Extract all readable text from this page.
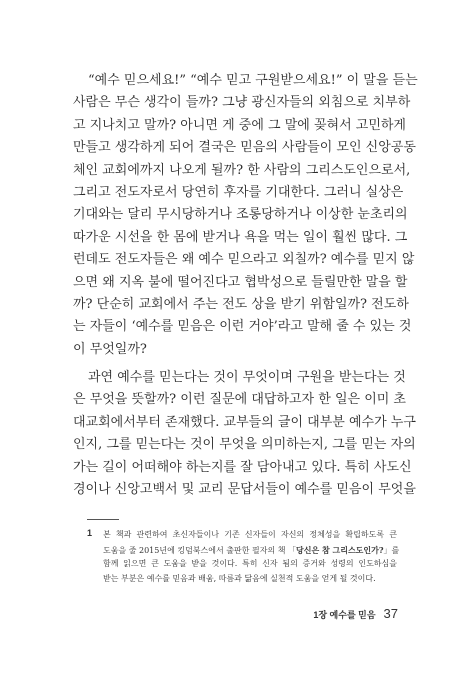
“예수 믿으세요!” “예수 믿고 구원받으세요!” 이 말을 듣는
사람은 무슨 생각이 들까? 그냥 광신자들의 외침으로 치부하
고 지나치고 말까? 아니면 게 중에 그 말에 꽂혀서 고민하게
만들고 생각하게 되어 결국은 믿음의 사람들이 모인 신앙공동
체인 교회에까지 나오게 될까? 한 사람의 그리스도인으로서,
그리고 전도자로서 당연히 후자를 기대한다. 그러니 실상은
기대와는 달리 무시당하거나 조롱당하거나 이상한 눈초리의
따가운 시선을 한 몸에 받거나 욕을 먹는 일이 훨씬 많다. 그
런데도 전도자들은 왜 예수 믿으라고 외칠까? 예수를 믿지 않
으면 왜 지옥 불에 떨어진다고 협박성으로 들릴만한 말을 할
까? 단순히 교회에서 주는 전도 상을 받기 위함일까? 전도하
는 자들이 ‘예수를 믿음은 이런 거야’라고 말해 줄 수 있는 것
이 무엇일까?
과연 예수를 믿는다는 것이 무엇이며 구원을 받는다는 것
은 무엇을 뜻할까? 이런 질문에 대답하고자 한 일은 이미 초
대교회에서부터 존재했다. 교부들의 글이 대부분 예수가 누구
인지, 그를 믿는다는 것이 무엇을 의미하는지, 그를 믿는 자의
가는 길이 어떠해야 하는지를 잘 담아내고 있다. 특히 사도신
경이나 신앙고백서 및 교리 문답서들이 예수를 믿음이 무엇을
1 본 책과 관련하여 초신자들이나 기존 신자들이 자신의 정체성을 확립하도록 큰
도움을 줄 2015년에 킹덤북스에서 출판한 필자의 책 「당신은 참 그리스도인가?」를
함께 읽으면 큰 도움을 받을 것이다. 특히 신자 됨의 증거와 성령의 인도하심을
받는 부분은 예수를 믿음과 배움, 따름과 닮음에 실천적 도움을 얻게 될 것이다.
1장 예수를 믿음 37
